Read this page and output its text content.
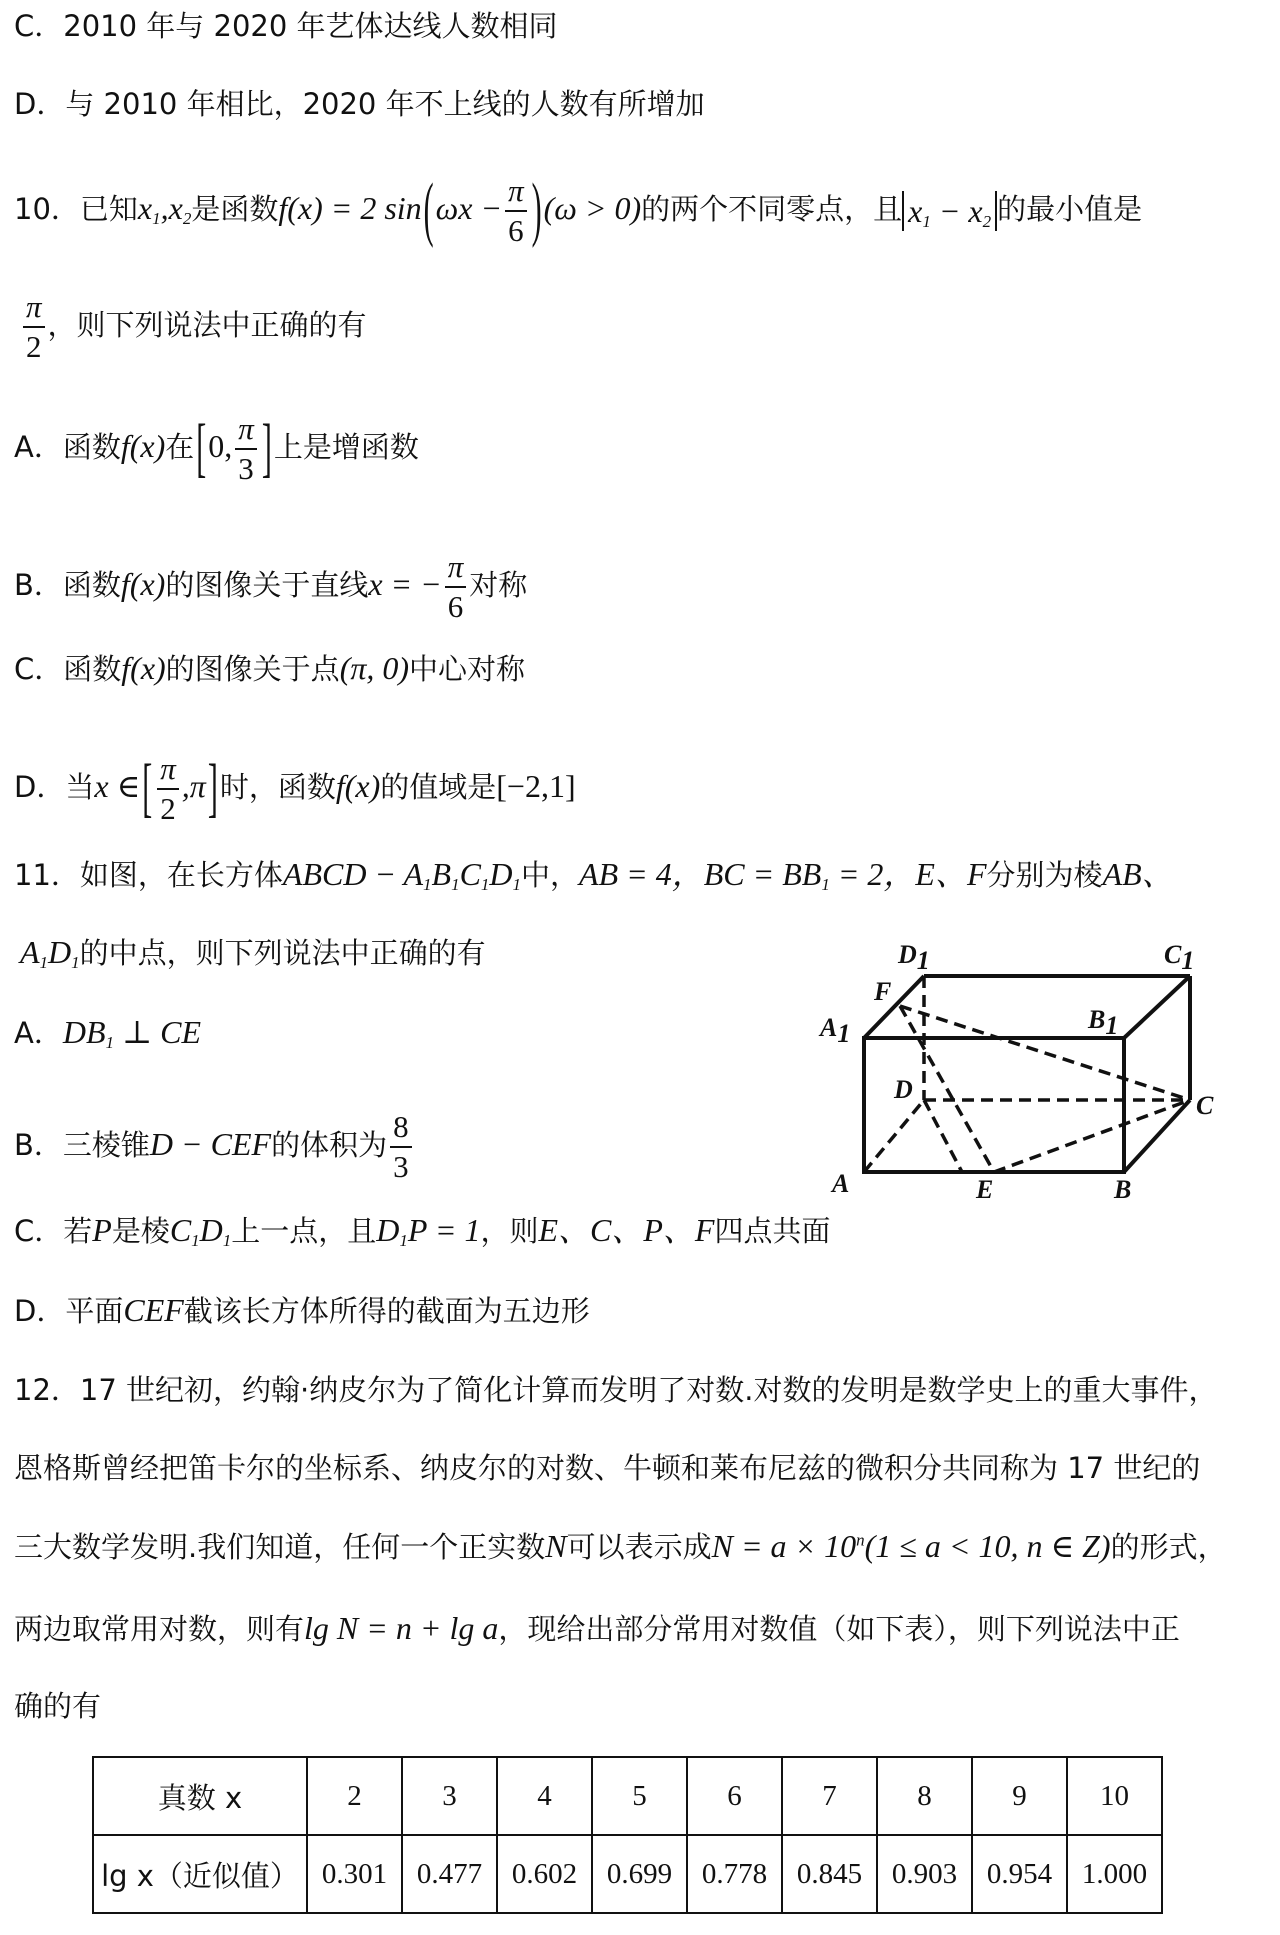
C．2010 年与 2020 年艺体达线人数相同
D．与 2010 年相比，2020 年不上线的人数有所增加
10．已知$x_1,x_2$是函数f(x) = 2 $\sin(\omega x - \frac{\pi}{6} )(\omega > 0)$的两个不同零点，且 $x_1 - x_2$ 的最小值是
$\frac{\pi}{2}$ ，则下列说法中正确的有
A．函数f(x)在[0, $\frac{\pi}{3}$ ]上是增函数
B．函数f(x)的图像关于直线x = − $\frac{\pi}{6}$ 对称
C．函数f(x)的图像关于点(π, 0)中心对称
D．当x ∈[ $\frac{\pi}{2} ,\pi$]时，函数f(x)的值域是[−2,1]
11．如图，在长方体ABCD − $A_1B_1C_1D_1$中，AB = 4，BC = $BB_1 = 2$，E、F分别为棱AB、
$A_1D_1$的中点，则下列说法中正确的有
A．$DB_1$ ⊥ CE
B．三棱锥D − CEF的体积为 $\frac{8}{3}$
C．若P是棱$C_1D_1$上一点，且$D_1P = 1$，则E、C、P、F四点共面
D．平面CEF截该长方体所得的截面为五边形
D1	C1
F
B1
A1
D
C
A	E	B
12．17 世纪初，约翰·纳皮尔为了简化计算而发明了对数.对数的发明是数学史上的重大事件，
恩格斯曾经把笛卡尔的坐标系、纳皮尔的对数、牛顿和莱布尼兹的微积分共同称为 17 世纪的
三大数学发明.我们知道，任何一个正实数N可以表示成$N = a \times 10^n(1 \le a < 10$, n ∈ Z)的形式，
两边取常用对数，则有lg N = n + lg a，现给出部分常用对数值（如下表），则下列说法中正
确的有
真数 x	2	3	4	5	6	7	8	9	10
lg x（近似值）	0.301	0.477	0.602	0.699	0.778	0.845	0.903	0.954	1.000
